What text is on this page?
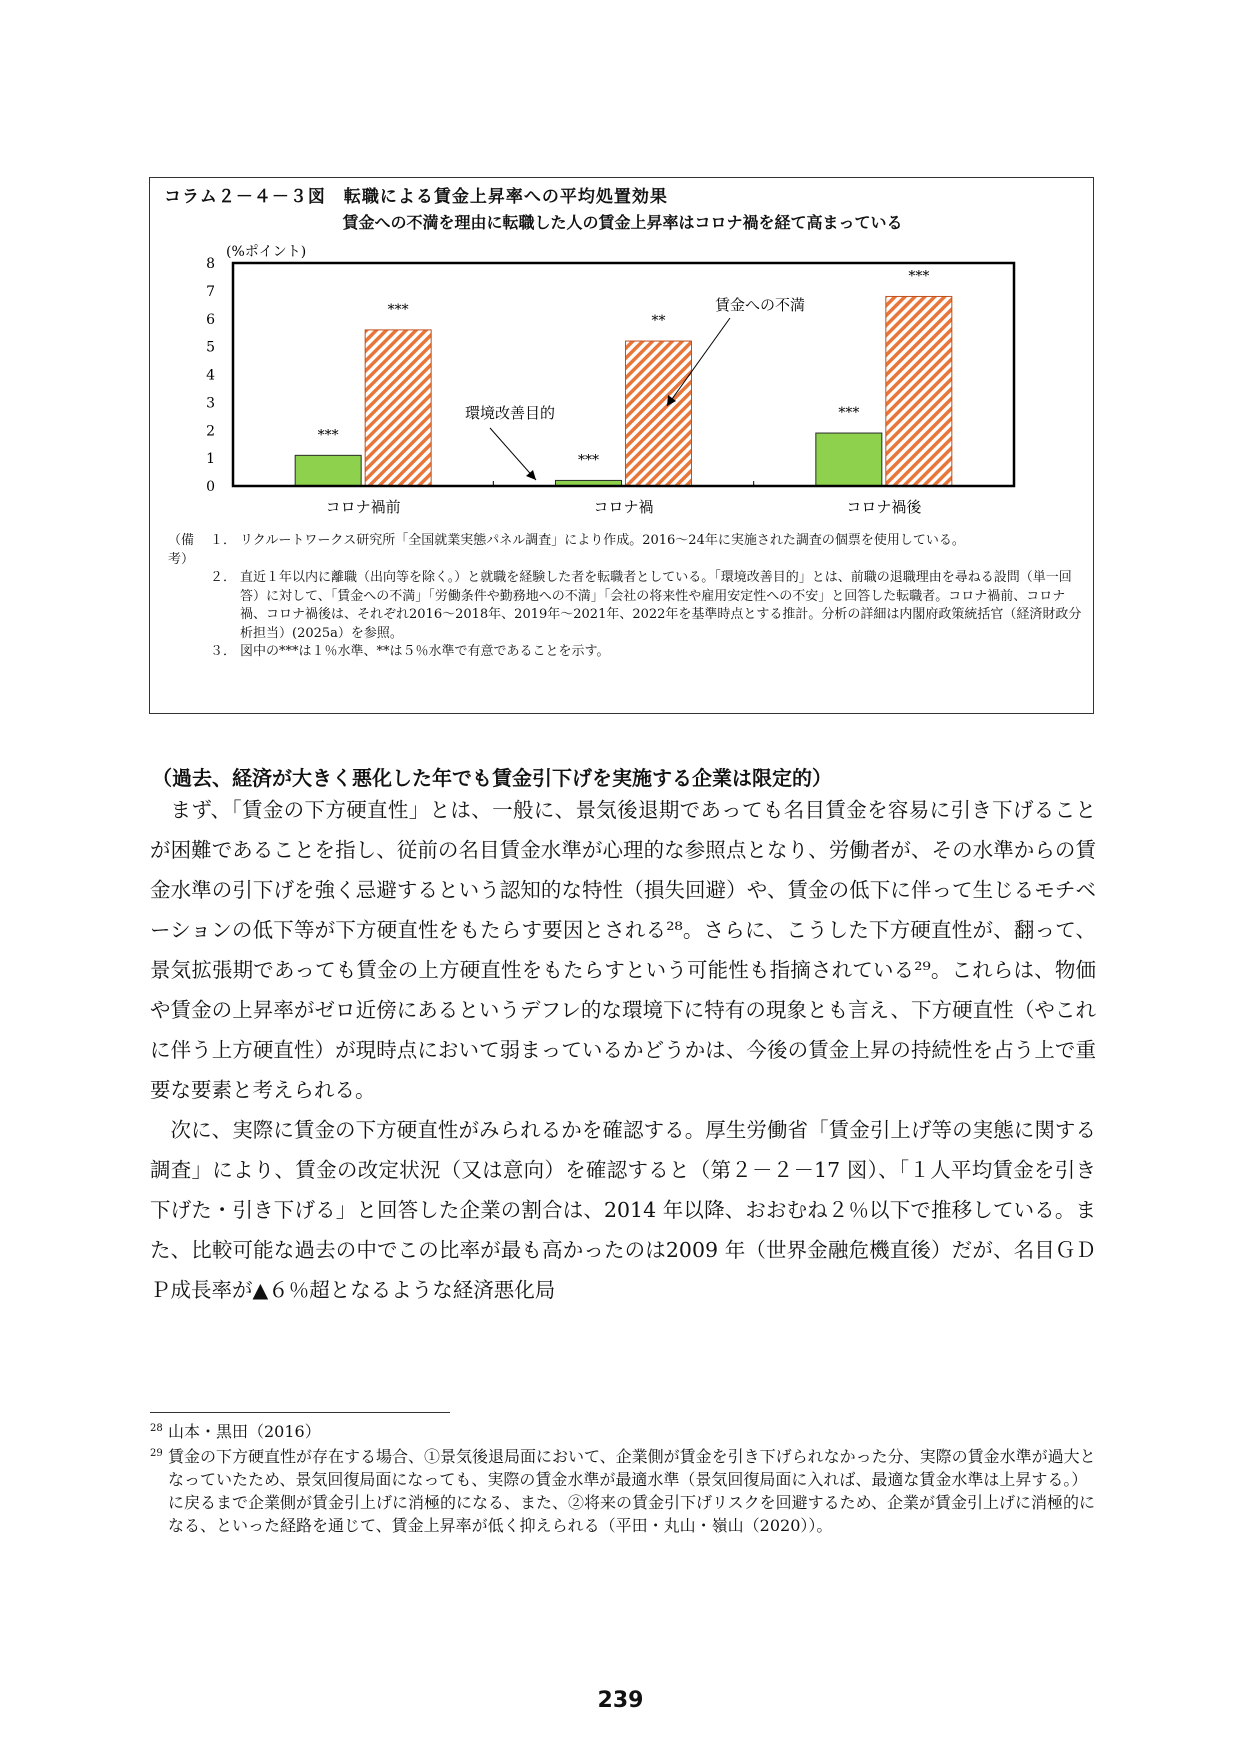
コラム２－４－３図　転職による賃金上昇率への平均処置効果
賃金への不満を理由に転職した人の賃金上昇率はコロナ禍を経て高まっている
(%ポイント)
0
1
2
3
4
5
6
7
8
***
***
***
**
***
***
コロナ禍前	コロナ禍	コロナ禍後
環境改善目的
賃金への不満
（備考）
１． リクルートワークス研究所「全国就業実態パネル調査」により作成。2016～24年に実施された調査の個票を使用している。
２． 直近１年以内に離職（出向等を除く。）と就職を経験した者を転職者としている。「環境改善目的」とは、前職の退職理由を尋ねる設問（単一回答）に対して、「賃金への不満」「労働条件や勤務地への不満」「会社の将来性や雇用安定性への不安」と回答した転職者。コロナ禍前、コロナ禍、コロナ禍後は、それぞれ2016～2018年、2019年～2021年、2022年を基準時点とする推計。分析の詳細は内閣府政策統括官（経済財政分析担当）(2025a）を参照。
３． 図中の***は１％水準、**は５％水準で有意であることを示す。
（過去、経済が大きく悪化した年でも賃金引下げを実施する企業は限定的）

まず、「賃金の下方硬直性」とは、一般に、景気後退期であっても名目賃金を容易に引き下げることが困難であることを指し、従前の名目賃金水準が心理的な参照点となり、労働者が、その水準からの賃金水準の引下げを強く忌避するという認知的な特性（損失回避）や、賃金の低下に伴って生じるモチベーションの低下等が下方硬直性をもたらす要因とされる²⁸。さらに、こうした下方硬直性が、翻って、景気拡張期であっても賃金の上方硬直性をもたらすという可能性も指摘されている²⁹。これらは、物価や賃金の上昇率がゼロ近傍にあるというデフレ的な環境下に特有の現象とも言え、下方硬直性（やこれに伴う上方硬直性）が現時点において弱まっているかどうかは、今後の賃金上昇の持続性を占う上で重要な要素と考えられる。

次に、実際に賃金の下方硬直性がみられるかを確認する。厚生労働省「賃金引上げ等の実態に関する調査」により、賃金の改定状況（又は意向）を確認すると（第２－２－17 図）、「１人平均賃金を引き下げた・引き下げる」と回答した企業の割合は、2014 年以降、おおむね２％以下で推移している。また、比較可能な過去の中でこの比率が最も高かったのは2009 年（世界金融危機直後）だが、名目ＧＤＰ成長率が▲６％超となるような経済悪化局

28 山本・黒田（2016）
29 賃金の下方硬直性が存在する場合、①景気後退局面において、企業側が賃金を引き下げられなかった分、実際の賃金水準が過大となっていたため、景気回復局面になっても、実際の賃金水準が最適水準（景気回復局面に入れば、最適な賃金水準は上昇する。）に戻るまで企業側が賃金引上げに消極的になる、また、②将来の賃金引下げリスクを回避するため、企業が賃金引上げに消極的になる、といった経路を通じて、賃金上昇率が低く抑えられる（平田・丸山・嶺山（2020））。
239
